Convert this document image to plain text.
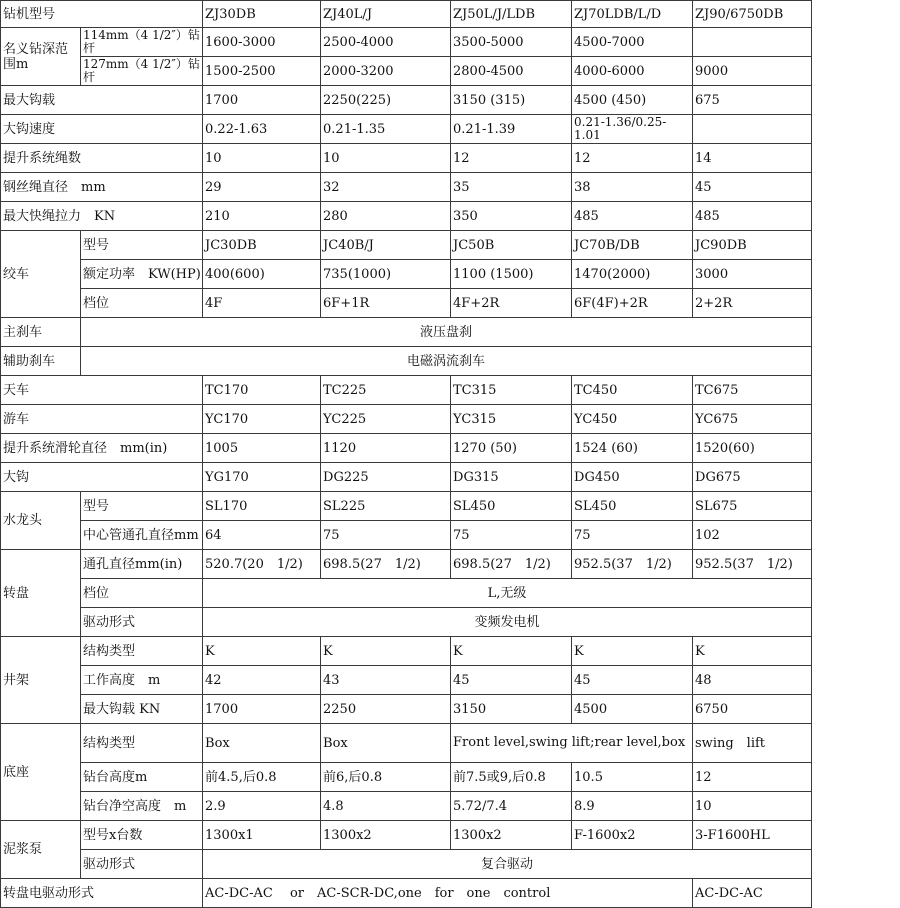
钻机型号		ZJ30DB	ZJ40L/J	ZJ50L/J/LDB	ZJ70LDB/L/D	ZJ90/6750DB
名义钻深范围m	114mm（4 1/2″）钻杆	1600-3000	2500-4000	3500-5000	4500-7000	
	127mm（4 1/2″）钻杆	1500-2500	2000-3200	2800-4500	4000-6000	9000
最大钩载		1700	2250(225)	3150 (315)	4500 (450)	675
大钩速度		0.22-1.63	0.21-1.35	0.21-1.39	0.21-1.36/0.25-1.01	
提升系统绳数		10	10	12	12	14
钢丝绳直径　mm		29	32	35	38	45
最大快绳拉力　KN		210	280	350	485	485
绞车	型号	JC30DB	JC40B/J	JC50B	JC70B/DB	JC90DB
	额定功率　KW(HP)	400(600)	735(1000)	1100 (1500)	1470(2000)	3000
	档位	4F	6F+1R	4F+2R	6F(4F)+2R	2+2R
主刹车	液压盘刹					
辅助刹车	电磁涡流刹车					
天车		TC170	TC225	TC315	TC450	TC675
游车		YC170	YC225	YC315	YC450	YC675
提升系统滑轮直径　mm(in)		1005	1120	1270 (50)	1524 (60)	1520(60)
大钩		YG170	DG225	DG315	DG450	DG675
水龙头	型号	SL170	SL225	SL450	SL450	SL675
	中心管通孔直径mm	64	75	75	75	102
转盘	通孔直径mm(in)	520.7(20　1/2)	698.5(27　1/2)	698.5(27　1/2)	952.5(37　1/2)	952.5(37　1/2)
	档位	L,无级				
	驱动形式	变频发电机				
井架	结构类型	K	K	K	K	K
	工作高度　m	42	43	45	45	48
	最大钩载 KN	1700	2250	3150	4500	6750
底座	结构类型	Box	Box	Front level,swing lift;rear level,box		swing　lift
	钻台高度m	前4.5,后0.8	前6,后0.8	前7.5或9,后0.8	10.5	12
	钻台净空高度　m	2.9	4.8	5.72/7.4	8.9	10
泥浆泵	型号x台数	1300x1	1300x2	1300x2	F-1600x2	3-F1600HL
	驱动形式	复合驱动				
转盘电驱动形式		AC-DC-AC　 or　AC-SCR-DC,one　for　one　control				AC-DC-AC
